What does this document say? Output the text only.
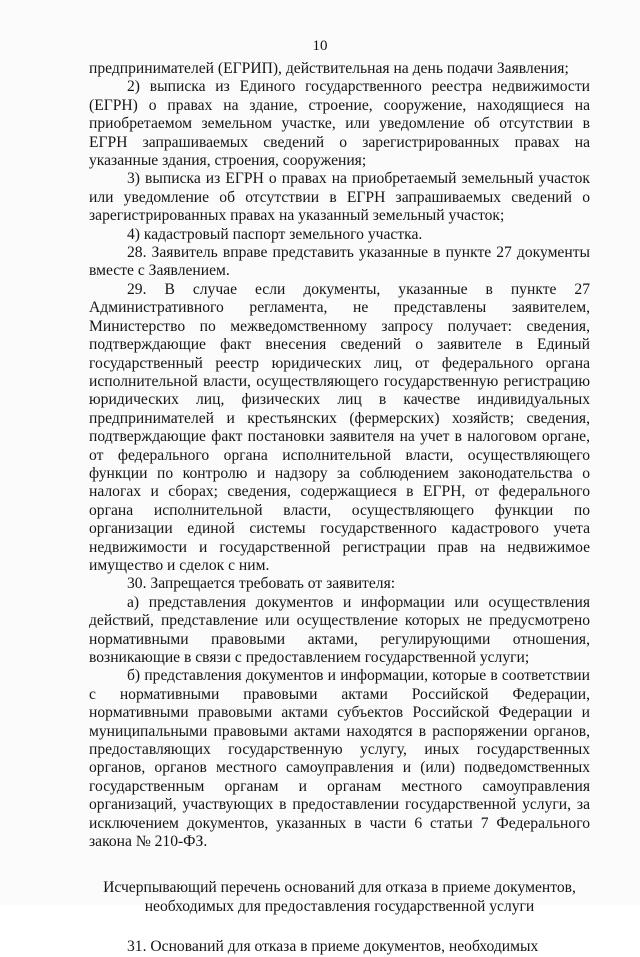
10

предпринимателей (ЕГРИП), действительная на день подачи Заявления;

2) выписка из Единого государственного реестра недвижимости (ЕГРН) о правах на здание, строение, сооружение, находящиеся на приобретаемом земельном участке, или уведомление об отсутствии в ЕГРН запрашиваемых сведений о зарегистрированных правах на указанные здания, строения, сооружения;

3) выписка из ЕГРН о правах на приобретаемый земельный участок или уведомление об отсутствии в ЕГРН запрашиваемых сведений о зарегистрированных правах на указанный земельный участок;

4) кадастровый паспорт земельного участка.

28. Заявитель вправе представить указанные в пункте 27 документы вместе с Заявлением.

29. В случае если документы, указанные в пункте 27 Административного регламента, не представлены заявителем, Министерство по межведомственному запросу получает: сведения, подтверждающие факт внесения сведений о заявителе в Единый государственный реестр юридических лиц, от федерального органа исполнительной власти, осуществляющего государственную регистрацию юридических лиц, физических лиц в качестве индивидуальных предпринимателей и крестьянских (фермерских) хозяйств; сведения, подтверждающие факт постановки заявителя на учет в налоговом органе, от федерального органа исполнительной власти, осуществляющего функции по контролю и надзору за соблюдением законодательства о налогах и сборах; сведения, содержащиеся в ЕГРН, от федерального органа исполнительной власти, осуществляющего функции по организации единой системы государственного кадастрового учета недвижимости и государственной регистрации прав на недвижимое имущество и сделок с ним.

30. Запрещается требовать от заявителя:

а) представления документов и информации или осуществления действий, представление или осуществление которых не предусмотрено нормативными правовыми актами, регулирующими отношения, возникающие в связи с предоставлением государственной услуги;

б) представления документов и информации, которые в соответствии с нормативными правовыми актами Российской Федерации, нормативными правовыми актами субъектов Российской Федерации и муниципальными правовыми актами находятся в распоряжении органов, предоставляющих государственную услугу, иных государственных органов, органов местного самоуправления и (или) подведомственных государственным органам и органам местного самоуправления организаций, участвующих в предоставлении государственной услуги, за исключением документов, указанных в части 6 статьи 7 Федерального закона № 210-ФЗ.

Исчерпывающий перечень оснований для отказа в приеме документов,

необходимых для предоставления государственной услуги

31. Оснований для отказа в приеме документов, необходимых
